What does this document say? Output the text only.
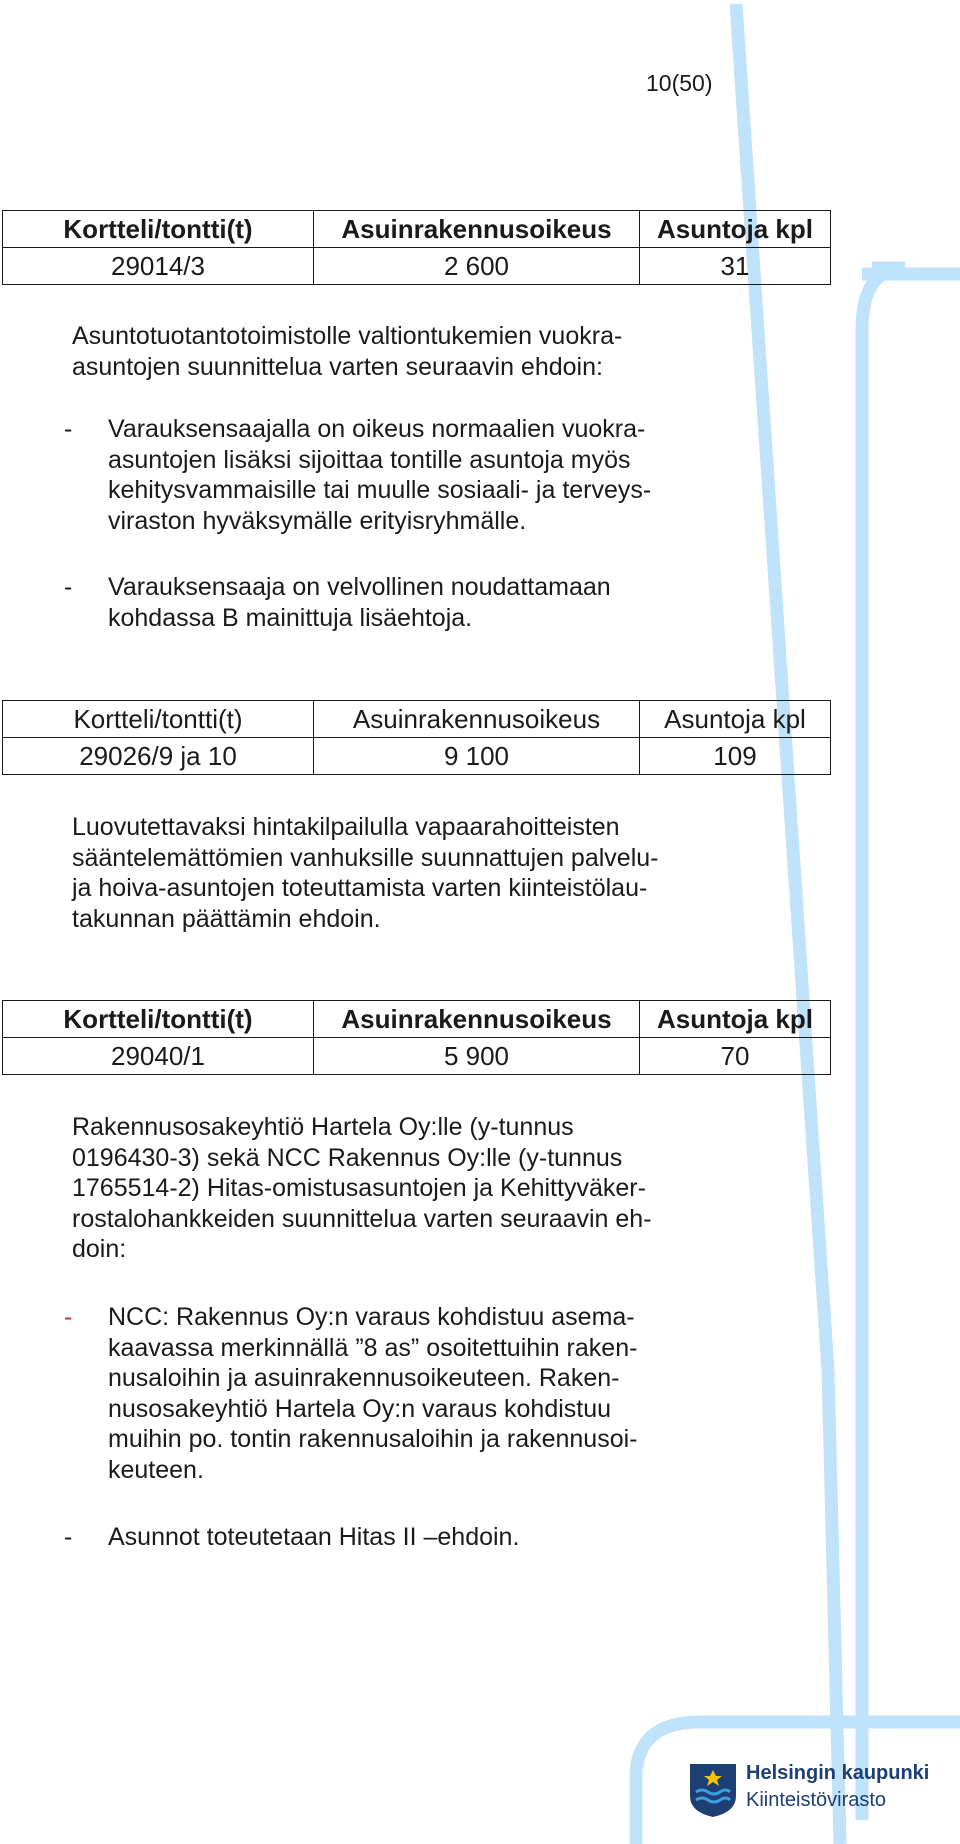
10(50)
Kortteli/tontti(t)	Asuinrakennusoikeus	Asuntoja kpl
29014/3	2 600	31
Asuntotuotantotoimistolle valtiontukemien vuokra-
asuntojen suunnittelua varten seuraavin ehdoin:
- Varauksensaajalla on oikeus normaalien vuokra-
asuntojen lisäksi sijoittaa tontille asuntoja myös
kehitysvammaisille tai muulle sosiaali- ja terveys-
viraston hyväksymälle erityisryhmälle.
- Varauksensaaja on velvollinen noudattamaan
kohdassa B mainittuja lisäehtoja.
Kortteli/tontti(t)	Asuinrakennusoikeus	Asuntoja kpl
29026/9 ja 10	9 100	109
Luovutettavaksi hintakilpailulla vapaarahoitteisten
sääntelemättömien vanhuksille suunnattujen palvelu-
ja hoiva-asuntojen toteuttamista varten kiinteistölau-
takunnan päättämin ehdoin.
Kortteli/tontti(t)	Asuinrakennusoikeus	Asuntoja kpl
29040/1	5 900	70
Rakennusosakeyhtiö Hartela Oy:lle (y-tunnus
0196430-3) sekä NCC Rakennus Oy:lle (y-tunnus
1765514-2) Hitas-omistusasuntojen ja Kehittyväker-
rostalohankkeiden suunnittelua varten seuraavin eh-
doin:
- NCC: Rakennus Oy:n varaus kohdistuu asema-
kaavassa merkinnällä ”8 as” osoitettuihin raken-
nusaloihin ja asuinrakennusoikeuteen. Raken-
nusosakeyhtiö Hartela Oy:n varaus kohdistuu
muihin po. tontin rakennusaloihin ja rakennusoi-
keuteen.
- Asunnot toteutetaan Hitas II –ehdoin.
Helsingin kaupunki
Kiinteistövirasto
